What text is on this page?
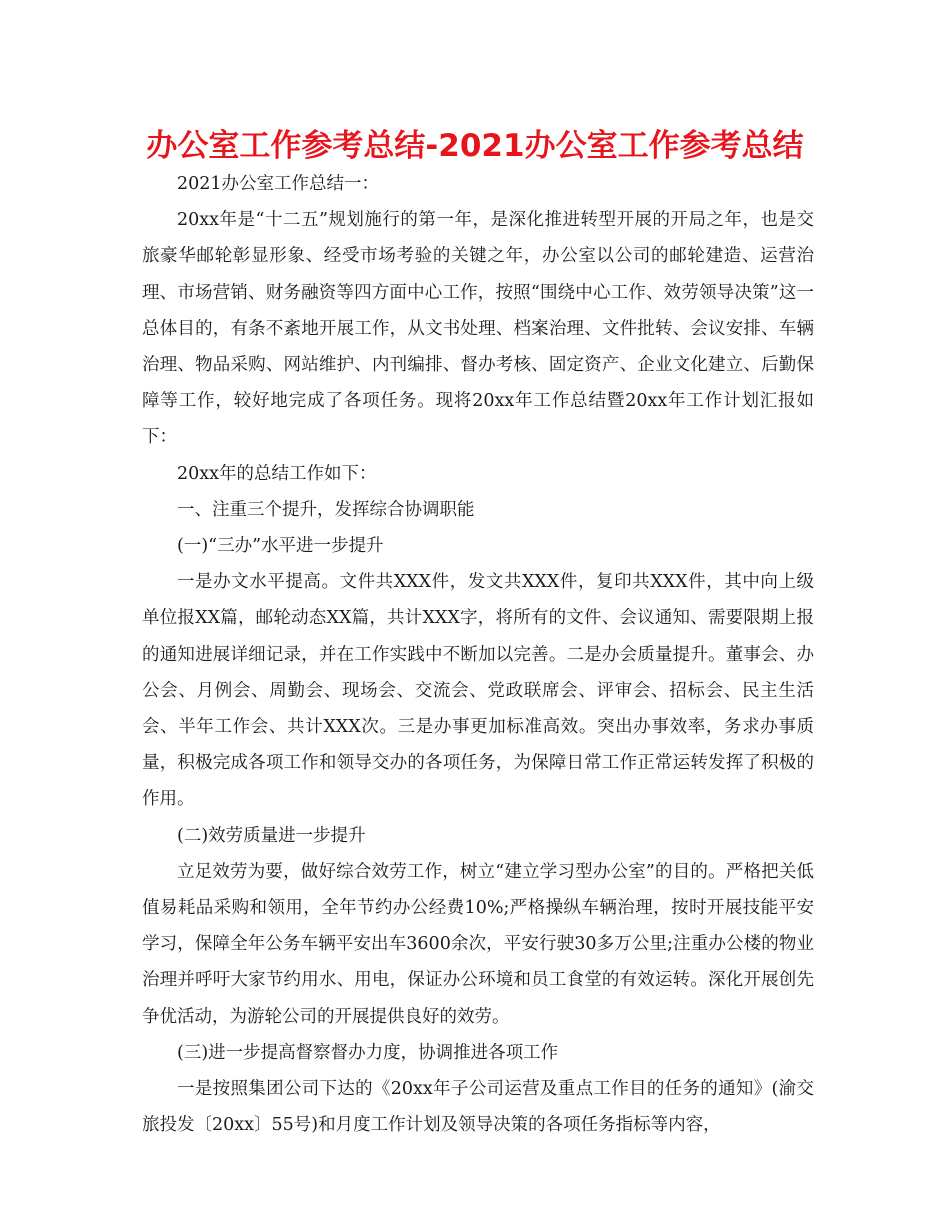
办公室工作参考总结-2021办公室工作参考总结

2021办公室工作总结一：

20xx年是“十二五”规划施行的第一年，是深化推进转型开展的开局之年，也是交旅豪华邮轮彰显形象、经受市场考验的关键之年，办公室以公司的邮轮建造、运营治理、市场营销、财务融资等四方面中心工作，按照“围绕中心工作、效劳领导决策”这一总体目的，有条不紊地开展工作，从文书处理、档案治理、文件批转、会议安排、车辆治理、物品采购、网站维护、内刊编排、督办考核、固定资产、企业文化建立、后勤保障等工作，较好地完成了各项任务。现将20xx年工作总结暨20xx年工作计划汇报如下：

20xx年的总结工作如下：

一、注重三个提升，发挥综合协调职能

(一)“三办”水平进一步提升

一是办文水平提高。文件共XXX件，发文共XXX件，复印共XXX件，其中向上级单位报XX篇，邮轮动态XX篇，共计XXX字，将所有的文件、会议通知、需要限期上报的通知进展详细记录，并在工作实践中不断加以完善。二是办会质量提升。董事会、办公会、月例会、周勤会、现场会、交流会、党政联席会、评审会、招标会、民主生活会、半年工作会、共计XXX次。三是办事更加标准高效。突出办事效率，务求办事质量，积极完成各项工作和领导交办的各项任务，为保障日常工作正常运转发挥了积极的作用。

(二)效劳质量进一步提升

立足效劳为要，做好综合效劳工作，树立“建立学习型办公室”的目的。严格把关低值易耗品采购和领用，全年节约办公经费10%;严格操纵车辆治理，按时开展技能平安学习，保障全年公务车辆平安出车3600余次，平安行驶30多万公里;注重办公楼的物业治理并呼吁大家节约用水、用电，保证办公环境和员工食堂的有效运转。深化开展创先争优活动，为游轮公司的开展提供良好的效劳。

(三)进一步提高督察督办力度，协调推进各项工作

一是按照集团公司下达的《20xx年子公司运营及重点工作目的任务的通知》(渝交旅投发〔20xx〕55号)和月度工作计划及领导决策的各项任务指标等内容，
